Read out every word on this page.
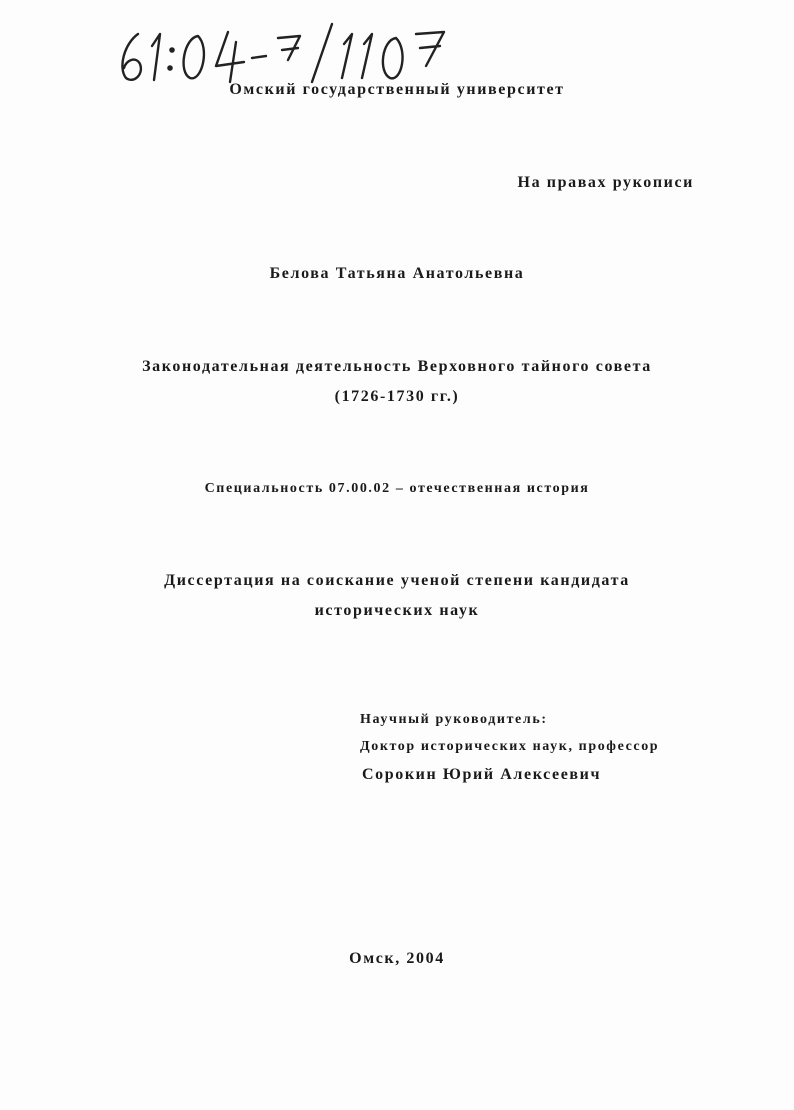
Омский государственный университет
На правах рукописи
Белова Татьяна Анатольевна
Законодательная деятельность Верховного тайного совета
(1726-1730 гг.)
Специальность 07.00.02 – отечественная история
Диссертация на соискание ученой степени кандидата
исторических наук
Научный руководитель:
Доктор исторических наук, профессор
Сорокин Юрий Алексеевич
Омск, 2004
